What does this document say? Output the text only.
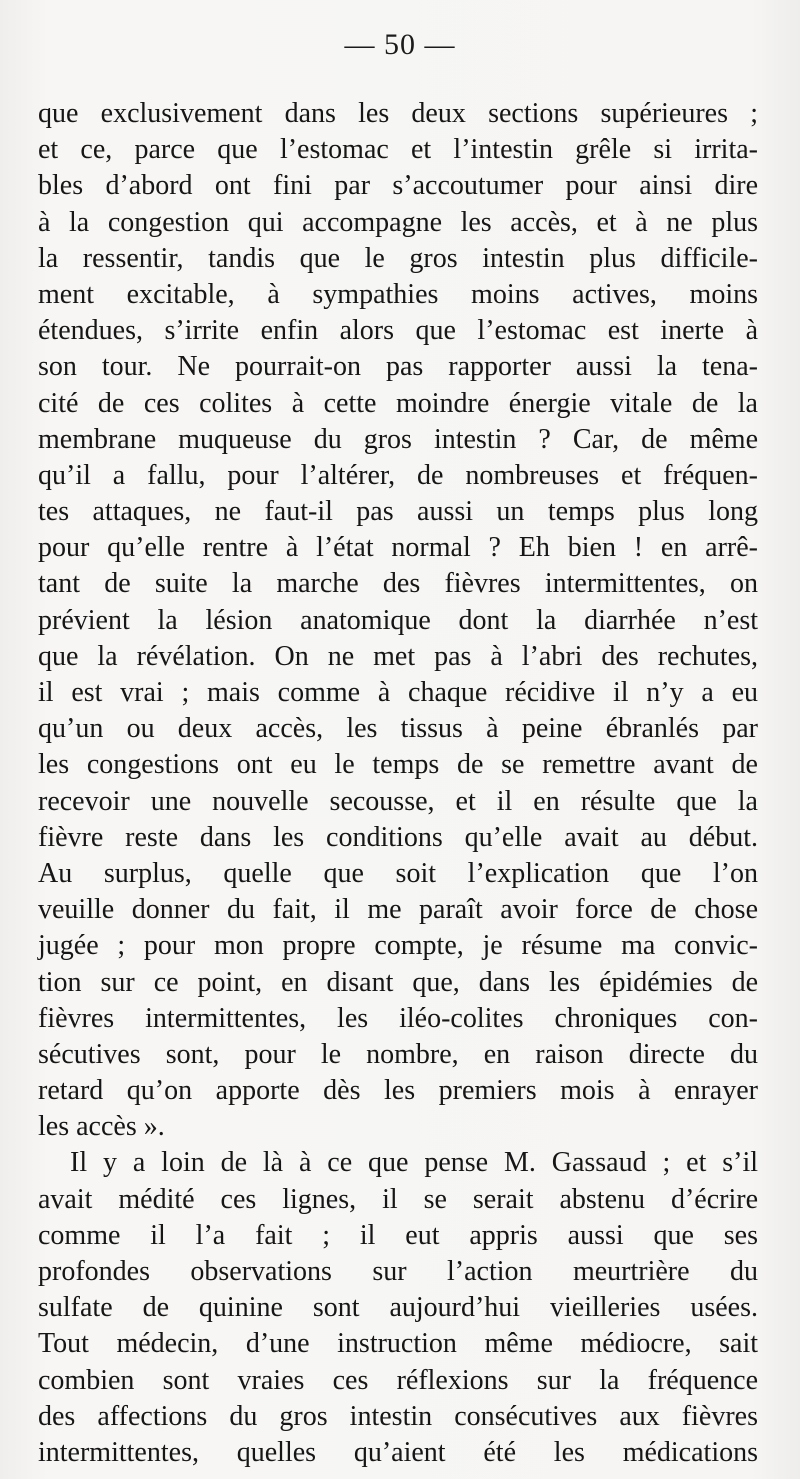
— 50 —
que exclusivement dans les deux sections supérieures ;
et ce, parce que l’estomac et l’intestin grêle si irrita-
bles d’abord ont fini par s’accoutumer pour ainsi dire
à la congestion qui accompagne les accès, et à ne plus
la ressentir, tandis que le gros intestin plus difficile-
ment excitable, à sympathies moins actives, moins
étendues, s’irrite enfin alors que l’estomac est inerte à
son tour. Ne pourrait-on pas rapporter aussi la tena-
cité de ces colites à cette moindre énergie vitale de la
membrane muqueuse du gros intestin ? Car, de même
qu’il a fallu, pour l’altérer, de nombreuses et fréquen-
tes attaques, ne faut-il pas aussi un temps plus long
pour qu’elle rentre à l’état normal ? Eh bien ! en arrê-
tant de suite la marche des fièvres intermittentes, on
prévient la lésion anatomique dont la diarrhée n’est
que la révélation. On ne met pas à l’abri des rechutes,
il est vrai ; mais comme à chaque récidive il n’y a eu
qu’un ou deux accès, les tissus à peine ébranlés par
les congestions ont eu le temps de se remettre avant de
recevoir une nouvelle secousse, et il en résulte que la
fièvre reste dans les conditions qu’elle avait au début.
Au surplus, quelle que soit l’explication que l’on
veuille donner du fait, il me paraît avoir force de chose
jugée ; pour mon propre compte, je résume ma convic-
tion sur ce point, en disant que, dans les épidémies de
fièvres intermittentes, les iléo-colites chroniques con-
sécutives sont, pour le nombre, en raison directe du
retard qu’on apporte dès les premiers mois à enrayer
les accès ».
Il y a loin de là à ce que pense M. Gassaud ; et s’il
avait médité ces lignes, il se serait abstenu d’écrire
comme il l’a fait ; il eut appris aussi que ses
profondes observations sur l’action meurtrière du
sulfate de quinine sont aujourd’hui vieilleries usées.
Tout médecin, d’une instruction même médiocre, sait
combien sont vraies ces réflexions sur la fréquence
des affections du gros intestin consécutives aux fièvres
intermittentes, quelles qu’aient été les médications
